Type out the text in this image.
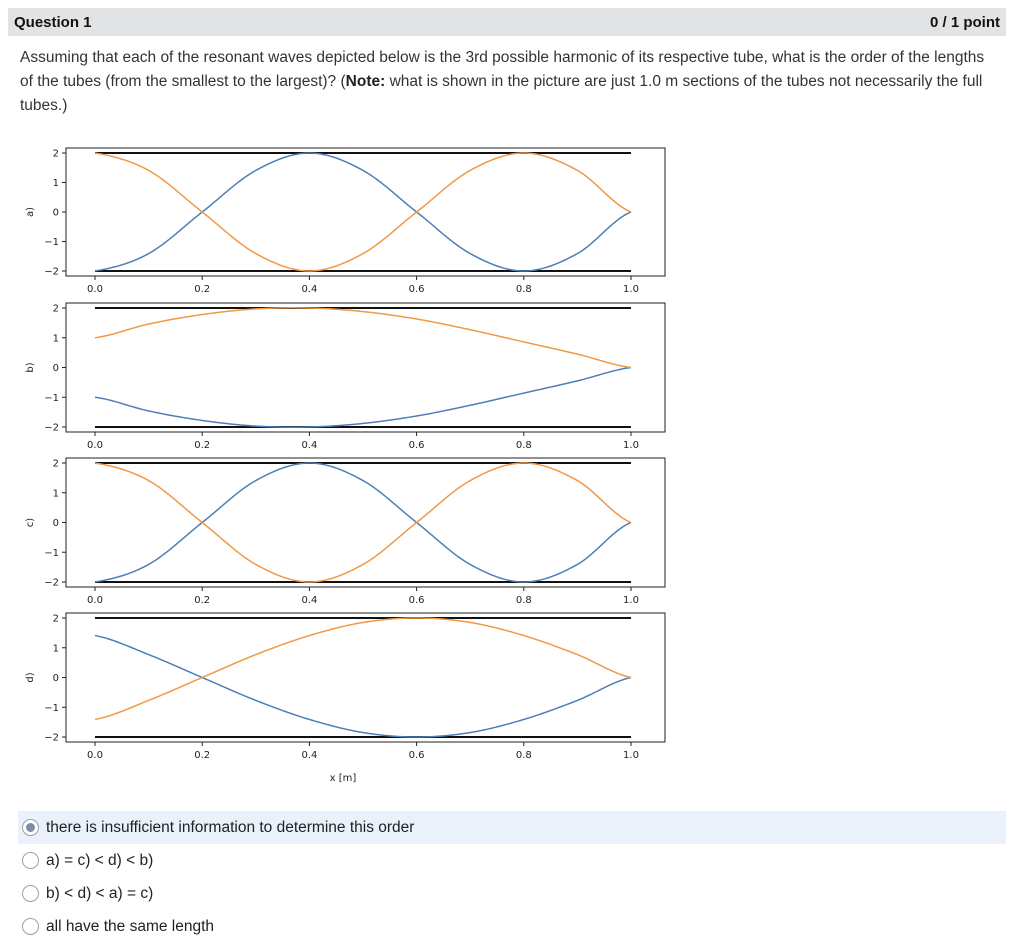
Question 1	0 / 1 point
Assuming that each of the resonant waves depicted below is the 3rd possible harmonic of its respective tube, what is the order of the lengths of the tubes (from the smallest to the largest)? (Note: what is shown in the picture are just 1.0 m sections of the tubes not necessarily the full tubes.)
2
1
0
−1
−2
0.0	0.2	0.4	0.6	0.8	1.0
a)
2
1
0
−1
−2
0.0	0.2	0.4	0.6	0.8	1.0
b)
2
1
0
−1
−2
0.0	0.2	0.4	0.6	0.8	1.0
c)
2
1
0
−1
−2
0.0	0.2	0.4	0.6	0.8	1.0
d)
x [m]
there is insufficient information to determine this order
a) = c) < d) < b)
b) < d) < a) = c)
all have the same length
